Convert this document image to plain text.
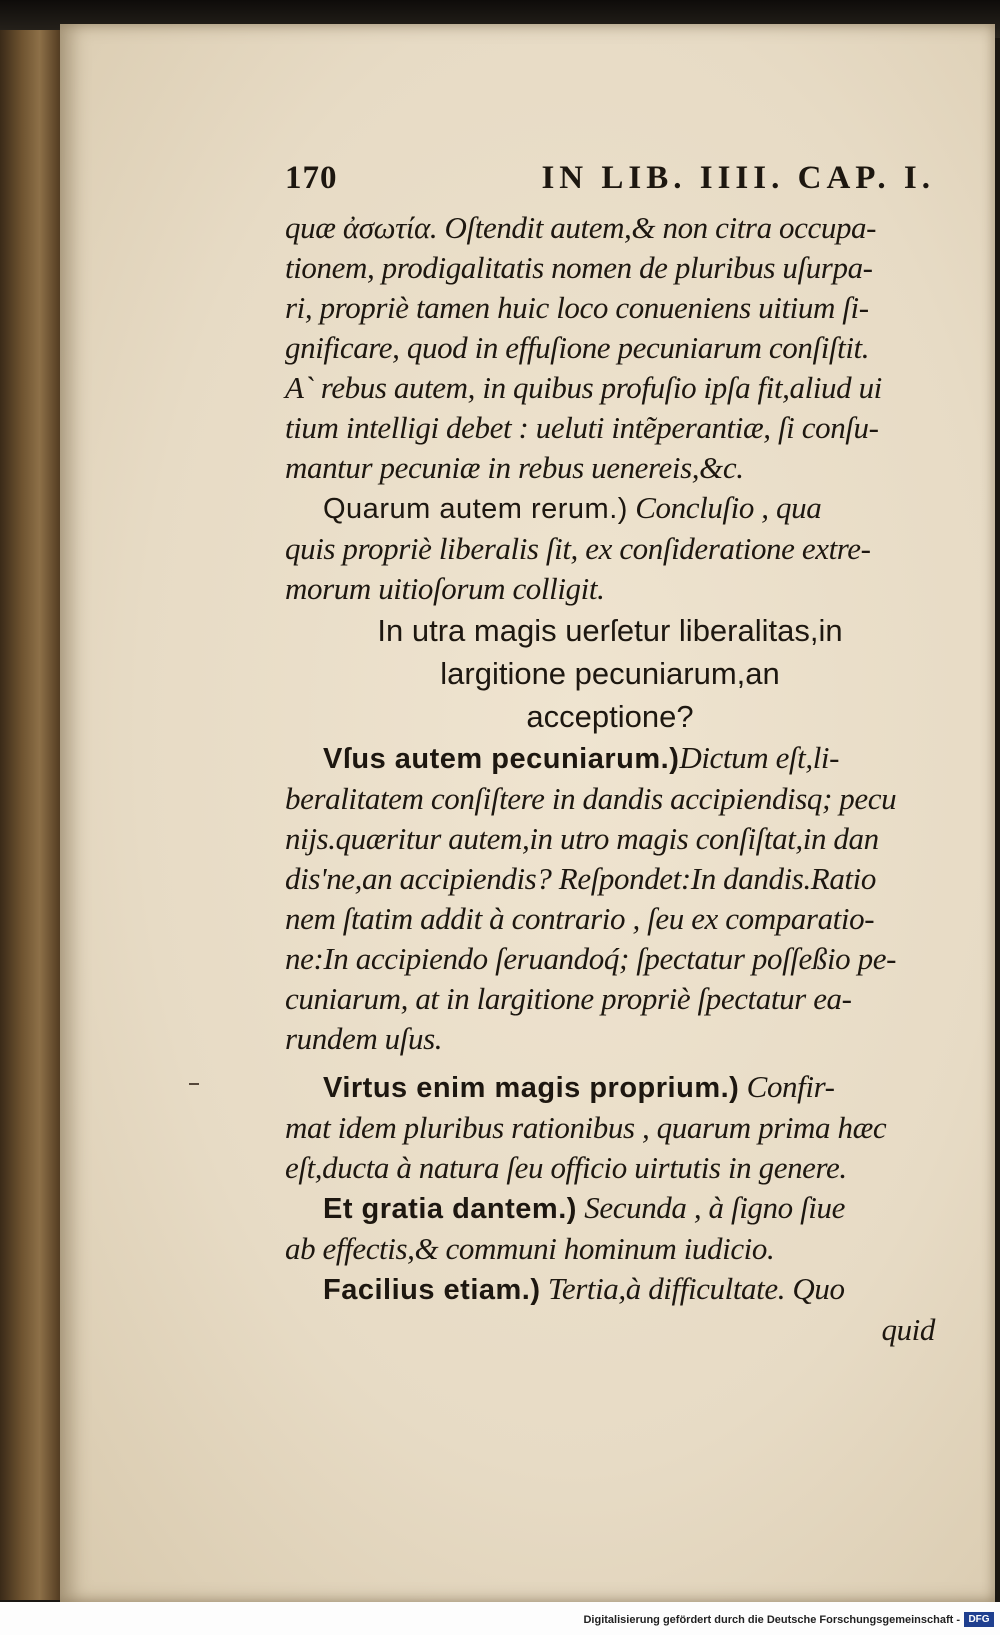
170	IN LIB. IIII. CAP. I.
quæ ἀσωτία. Oſtendit autem,& non citra occupa-
tionem, prodigalitatis nomen de pluribus uſurpa-
ri, propriè tamen huic loco conueniens uitium ſi-
gnificare, quod in effuſione pecuniarum conſiſtit.
A` rebus autem, in quibus profuſio ipſa fit,aliud ui
tium intelligi debet : ueluti intẽperantiæ, ſi conſu-
mantur pecuniæ in rebus uenereis,&c.
Quarum autem rerum.) Concluſio , qua
quis propriè liberalis ſit, ex conſideratione extre-
morum uitioſorum colligit.
In utra magis uerſetur liberalitas,in
largitione pecuniarum,an
acceptione?
Vſus autem pecuniarum.)Dictum eſt,li-
beralitatem conſiſtere in dandis accipiendisq; pecu
nijs.quæritur autem,in utro magis conſiſtat,in dan
dis'ne,an accipiendis? Reſpondet:In dandis.Ratio
nem ſtatim addit à contrario , ſeu ex comparatio-
ne:In accipiendo ſeruandoq́; ſpectatur poſſeßio pe-
cuniarum, at in largitione propriè ſpectatur ea-
rundem uſus.
Virtus enim magis proprium.) Confir-
mat idem pluribus rationibus , quarum prima hæc
eſt,ducta à natura ſeu officio uirtutis in genere.
Et gratia dantem.) Secunda , à ſigno ſiue
ab effectis,& communi hominum iudicio.
Facilius etiam.) Tertia,à difficultate. Quo
quid
Digitalisierung gefördert durch die Deutsche Forschungsgemeinschaft - DFG
